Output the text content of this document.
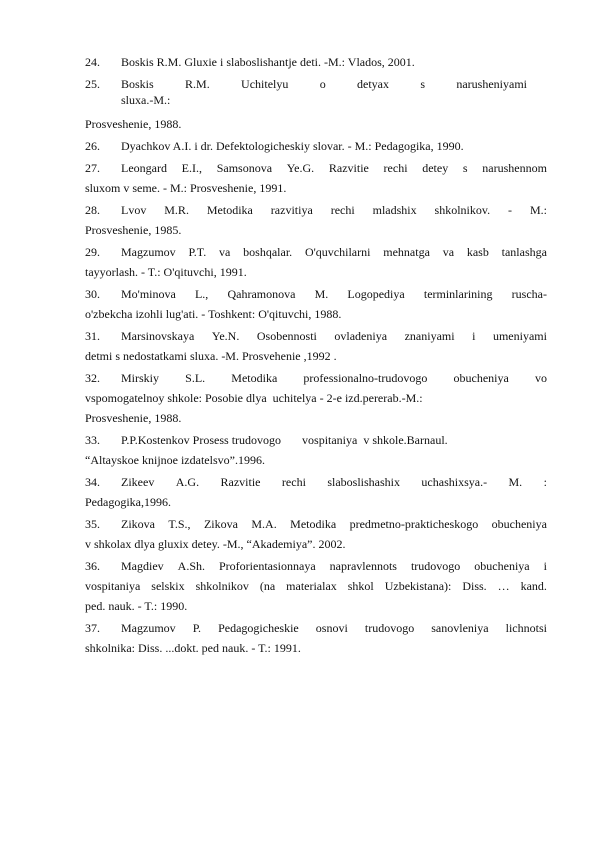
24.	Boskis R.M. Gluxie i slaboslishantje deti. -M.: Vlados, 2001.
25.	Boskis	R.M.	Uchitelyu	o	detyax	s	narusheniyami
sluxa.-M.:
Prosveshenie, 1988.
26.	Dyachkov A.I. i dr. Defektologicheskiy slovar. - M.: Pedagogika, 1990.
27.	Leongard E.I., Samsonova Ye.G. Razvitie rechi detey s narushennom
sluxom v seme. - M.: Prosveshenie, 1991.
28.	Lvov M.R. Metodika razvitiya rechi mladshix shkolnikov. - M.:
Prosveshenie, 1985.
29.	Magzumov P.T. va boshqalar. O'quvchilarni mehnatga va kasb tanlashga
tayyorlash. - T.: O'qituvchi, 1991.
30.	Mo'minova L., Qahramonova M. Logopediya terminlarining ruscha-
o'zbekcha izohli lug'ati. - Toshkent: O'qituvchi, 1988.
31.	Marsinovskaya Ye.N. Osobennosti ovladeniya znaniyami i umeniyami
detmi s nedostatkami sluxa. -M. Prosvehenie ,1992 .
32.	Mirskiy S.L. Metodika professionalno-trudovogo obucheniya vo
vspomogatelnoy shkole: Posobie dlya  uchitelya - 2-e izd.pererab.-M.:
Prosveshenie, 1988.
33.	P.P.Kostenkov Prosess trudovogo       vospitaniya  v shkole.Barnaul.
“Altayskoe knijnoe izdatelsvo”.1996.
34.	Zikeev A.G. Razvitie rechi slaboslishashix uchashixsya.- M. :
Pedagogika,1996.
35.	Zikova T.S., Zikova M.A. Metodika predmetno-prakticheskogo obucheniya
v shkolax dlya gluxix detey. -M., “Akademiya”. 2002.
36.	Magdiev A.Sh. Proforientasionnaya napravlennots trudovogo obucheniya i
vospitaniya selskix shkolnikov (na materialax shkol Uzbekistana): Diss. … kand.
ped. nauk. - T.: 1990.
37.	Magzumov P. Pedagogicheskie osnovi trudovogo sanovleniya lichnotsi
shkolnika: Diss. ...dokt. ped nauk. - T.: 1991.
